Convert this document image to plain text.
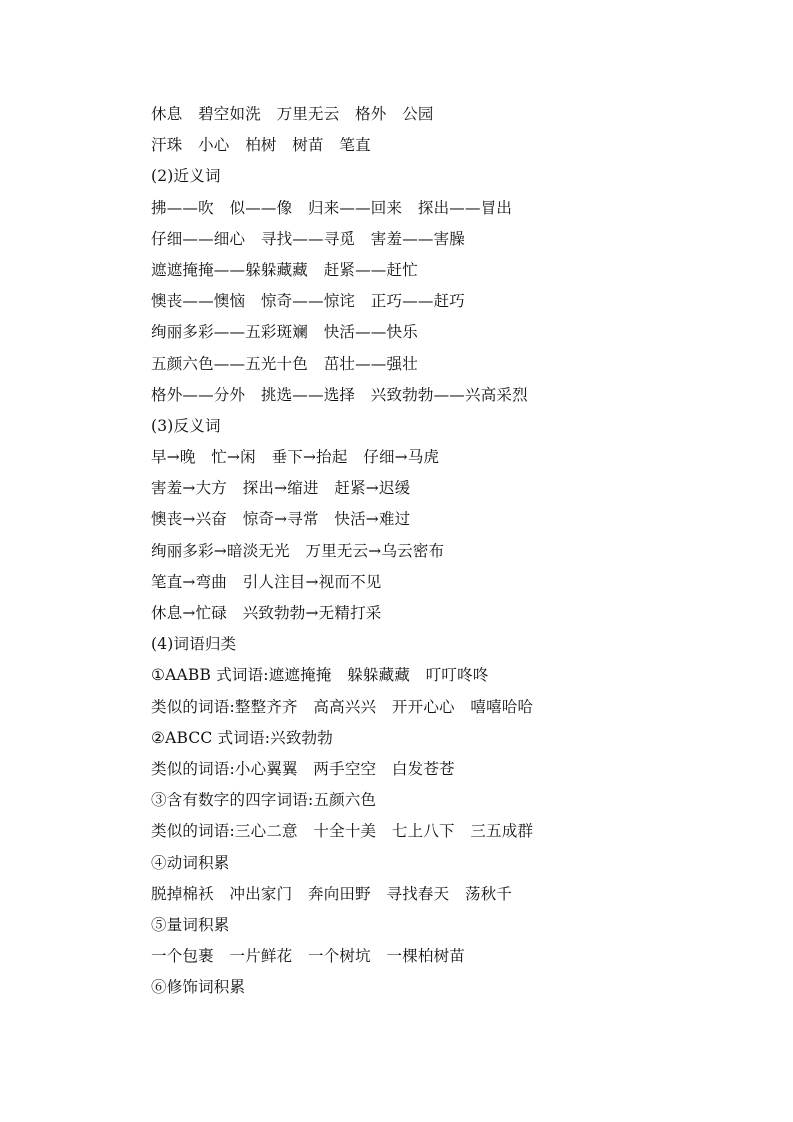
休息　碧空如洗　万里无云　格外　公园
汗珠　小心　柏树　树苗　笔直
(2)近义词
拂——吹　似——像　归来——回来　探出——冒出
仔细——细心　寻找——寻觅　害羞——害臊
遮遮掩掩——躲躲藏藏　赶紧——赶忙
懊丧——懊恼　惊奇——惊诧　正巧——赶巧
绚丽多彩——五彩斑斓　快活——快乐
五颜六色——五光十色　茁壮——强壮
格外——分外　挑选——选择　兴致勃勃——兴高采烈
(3)反义词
早→晚　忙→闲　垂下→抬起　仔细→马虎
害羞→大方　探出→缩进　赶紧→迟缓
懊丧→兴奋　惊奇→寻常　快活→难过
绚丽多彩→暗淡无光　万里无云→乌云密布
笔直→弯曲　引人注目→视而不见
休息→忙碌　兴致勃勃→无精打采
(4)词语归类
①AABB 式词语:遮遮掩掩　躲躲藏藏　叮叮咚咚
类似的词语:整整齐齐　高高兴兴　开开心心　嘻嘻哈哈
②ABCC 式词语:兴致勃勃
类似的词语:小心翼翼　两手空空　白发苍苍
③含有数字的四字词语:五颜六色
类似的词语:三心二意　十全十美　七上八下　三五成群
④动词积累
脱掉棉袄　冲出家门　奔向田野　寻找春天　荡秋千
⑤量词积累
一个包裹　一片鲜花　一个树坑　一棵柏树苗
⑥修饰词积累
